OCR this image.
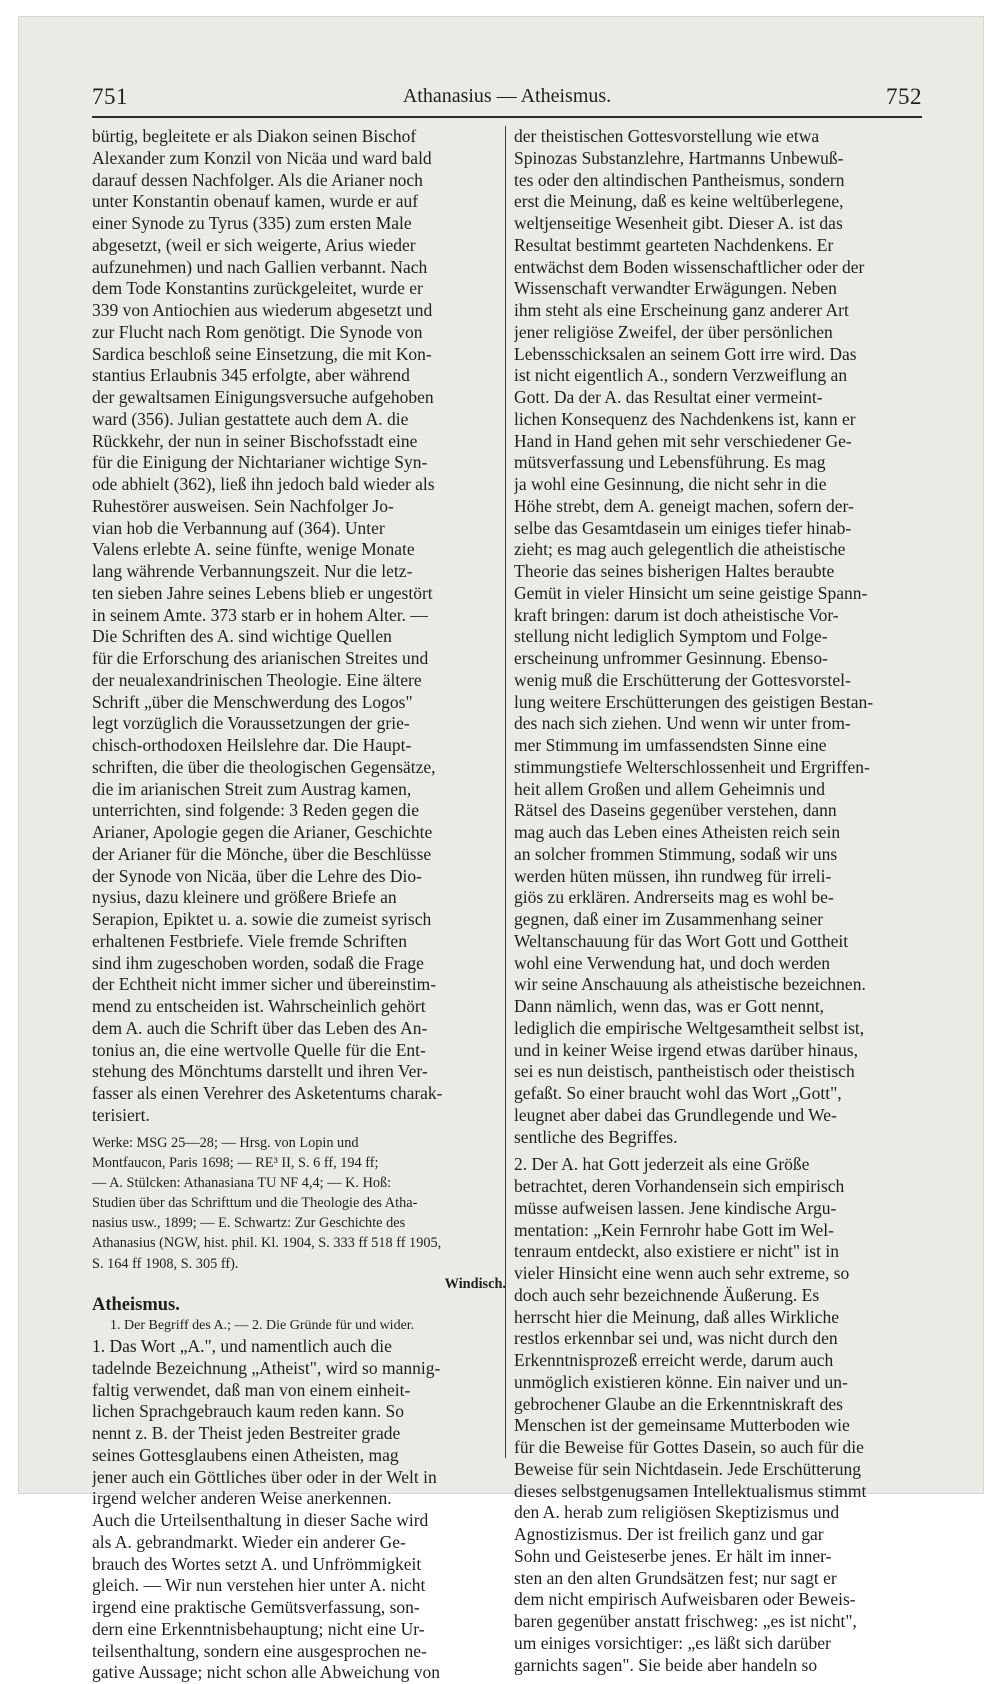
751	Athanasius — Atheismus.	752
bürtig, begleitete er als Diakon seinen Bischof
Alexander zum Konzil von Nicäa und ward bald
darauf dessen Nachfolger. Als die Arianer noch
unter Konstantin obenauf kamen, wurde er auf
einer Synode zu Tyrus (335) zum ersten Male
abgesetzt, (weil er sich weigerte, Arius wieder
aufzunehmen) und nach Gallien verbannt. Nach
dem Tode Konstantins zurückgeleitet, wurde er
339 von Antiochien aus wiederum abgesetzt und
zur Flucht nach Rom genötigt. Die Synode von
Sardica beschloß seine Einsetzung, die mit Kon-
stantius Erlaubnis 345 erfolgte, aber während
der gewaltsamen Einigungsversuche aufgehoben
ward (356). Julian gestattete auch dem A. die
Rückkehr, der nun in seiner Bischofsstadt eine
für die Einigung der Nichtarianer wichtige Syn-
ode abhielt (362), ließ ihn jedoch bald wieder als
Ruhestörer ausweisen. Sein Nachfolger Jo-
vian hob die Verbannung auf (364). Unter
Valens erlebte A. seine fünfte, wenige Monate
lang währende Verbannungszeit. Nur die letz-
ten sieben Jahre seines Lebens blieb er ungestört
in seinem Amte. 373 starb er in hohem Alter. —
Die Schriften des A. sind wichtige Quellen
für die Erforschung des arianischen Streites und
der neualexandrinischen Theologie. Eine ältere
Schrift „über die Menschwerdung des Logos"
legt vorzüglich die Voraussetzungen der grie-
chisch-orthodoxen Heilslehre dar. Die Haupt-
schriften, die über die theologischen Gegensätze,
die im arianischen Streit zum Austrag kamen,
unterrichten, sind folgende: 3 Reden gegen die
Arianer, Apologie gegen die Arianer, Geschichte
der Arianer für die Mönche, über die Beschlüsse
der Synode von Nicäa, über die Lehre des Dio-
nysius, dazu kleinere und größere Briefe an
Serapion, Epiktet u. a. sowie die zumeist syrisch
erhaltenen Festbriefe. Viele fremde Schriften
sind ihm zugeschoben worden, sodaß die Frage
der Echtheit nicht immer sicher und übereinstim-
mend zu entscheiden ist. Wahrscheinlich gehört
dem A. auch die Schrift über das Leben des An-
tonius an, die eine wertvolle Quelle für die Ent-
stehung des Mönchtums darstellt und ihren Ver-
fasser als einen Verehrer des Asketentums charak-
terisiert.
Werke: MSG 25—28; — Hrsg. von Lopin und
Montfaucon, Paris 1698; — RE³ II, S. 6 ff, 194 ff;
— A. Stülcken: Athanasiana TU NF 4,4; — K. Hoß:
Studien über das Schrifttum und die Theologie des Atha-
nasius usw., 1899; — E. Schwartz: Zur Geschichte des
Athanasius (NGW, hist. phil. Kl. 1904, S. 333 ff 518 ff 1905,
S. 164 ff 1908, S. 305 ff).
Windisch.
Atheismus.
1. Der Begriff des A.; — 2. Die Gründe für und wider.
1. Das Wort „A.", und namentlich auch die
tadelnde Bezeichnung „Atheist", wird so mannig-
faltig verwendet, daß man von einem einheit-
lichen Sprachgebrauch kaum reden kann. So
nennt z. B. der Theist jeden Bestreiter grade
seines Gottesglaubens einen Atheisten, mag
jener auch ein Göttliches über oder in der Welt in
irgend welcher anderen Weise anerkennen.
Auch die Urteilsenthaltung in dieser Sache wird
als A. gebrandmarkt. Wieder ein anderer Ge-
brauch des Wortes setzt A. und Unfrömmigkeit
gleich. — Wir nun verstehen hier unter A. nicht
irgend eine praktische Gemütsverfassung, son-
dern eine Erkenntnisbehauptung; nicht eine Ur-
teilsenthaltung, sondern eine ausgesprochen ne-
gative Aussage; nicht schon alle Abweichung von
der theistischen Gottesvorstellung wie etwa
Spinozas Substanzlehre, Hartmanns Unbewuß-
tes oder den altindischen Pantheismus, sondern
erst die Meinung, daß es keine weltüberlegene,
weltjenseitige Wesenheit gibt. Dieser A. ist das
Resultat bestimmt gearteten Nachdenkens. Er
entwächst dem Boden wissenschaftlicher oder der
Wissenschaft verwandter Erwägungen. Neben
ihm steht als eine Erscheinung ganz anderer Art
jener religiöse Zweifel, der über persönlichen
Lebensschicksalen an seinem Gott irre wird. Das
ist nicht eigentlich A., sondern Verzweiflung an
Gott. Da der A. das Resultat einer vermeint-
lichen Konsequenz des Nachdenkens ist, kann er
Hand in Hand gehen mit sehr verschiedener Ge-
mütsverfassung und Lebensführung. Es mag
ja wohl eine Gesinnung, die nicht sehr in die
Höhe strebt, dem A. geneigt machen, sofern der-
selbe das Gesamtdasein um einiges tiefer hinab-
zieht; es mag auch gelegentlich die atheistische
Theorie das seines bisherigen Haltes beraubte
Gemüt in vieler Hinsicht um seine geistige Spann-
kraft bringen: darum ist doch atheistische Vor-
stellung nicht lediglich Symptom und Folge-
erscheinung unfrommer Gesinnung. Ebenso-
wenig muß die Erschütterung der Gottesvorstel-
lung weitere Erschütterungen des geistigen Bestan-
des nach sich ziehen. Und wenn wir unter from-
mer Stimmung im umfassendsten Sinne eine
stimmungstiefe Welterschlossenheit und Ergriffen-
heit allem Großen und allem Geheimnis und
Rätsel des Daseins gegenüber verstehen, dann
mag auch das Leben eines Atheisten reich sein
an solcher frommen Stimmung, sodaß wir uns
werden hüten müssen, ihn rundweg für irreli-
giös zu erklären. Andrerseits mag es wohl be-
gegnen, daß einer im Zusammenhang seiner
Weltanschauung für das Wort Gott und Gottheit
wohl eine Verwendung hat, und doch werden
wir seine Anschauung als atheistische bezeichnen.
Dann nämlich, wenn das, was er Gott nennt,
lediglich die empirische Weltgesamtheit selbst ist,
und in keiner Weise irgend etwas darüber hinaus,
sei es nun deistisch, pantheistisch oder theistisch
gefaßt. So einer braucht wohl das Wort „Gott",
leugnet aber dabei das Grundlegende und We-
sentliche des Begriffes.
2. Der A. hat Gott jederzeit als eine Größe
betrachtet, deren Vorhandensein sich empirisch
müsse aufweisen lassen. Jene kindische Argu-
mentation: „Kein Fernrohr habe Gott im Wel-
tenraum entdeckt, also existiere er nicht" ist in
vieler Hinsicht eine wenn auch sehr extreme, so
doch auch sehr bezeichnende Äußerung. Es
herrscht hier die Meinung, daß alles Wirkliche
restlos erkennbar sei und, was nicht durch den
Erkenntnisprozeß erreicht werde, darum auch
unmöglich existieren könne. Ein naiver und un-
gebrochener Glaube an die Erkenntniskraft des
Menschen ist der gemeinsame Mutterboden wie
für die Beweise für Gottes Dasein, so auch für die
Beweise für sein Nichtdasein. Jede Erschütterung
dieses selbstgenugsamen Intellektualismus stimmt
den A. herab zum religiösen Skeptizismus und
Agnostizismus. Der ist freilich ganz und gar
Sohn und Geisteserbe jenes. Er hält im inner-
sten an den alten Grundsätzen fest; nur sagt er
dem nicht empirisch Aufweisbaren oder Beweis-
baren gegenüber anstatt frischweg: „es ist nicht",
um einiges vorsichtiger: „es läßt sich darüber
garnichts sagen". Sie beide aber handeln so
